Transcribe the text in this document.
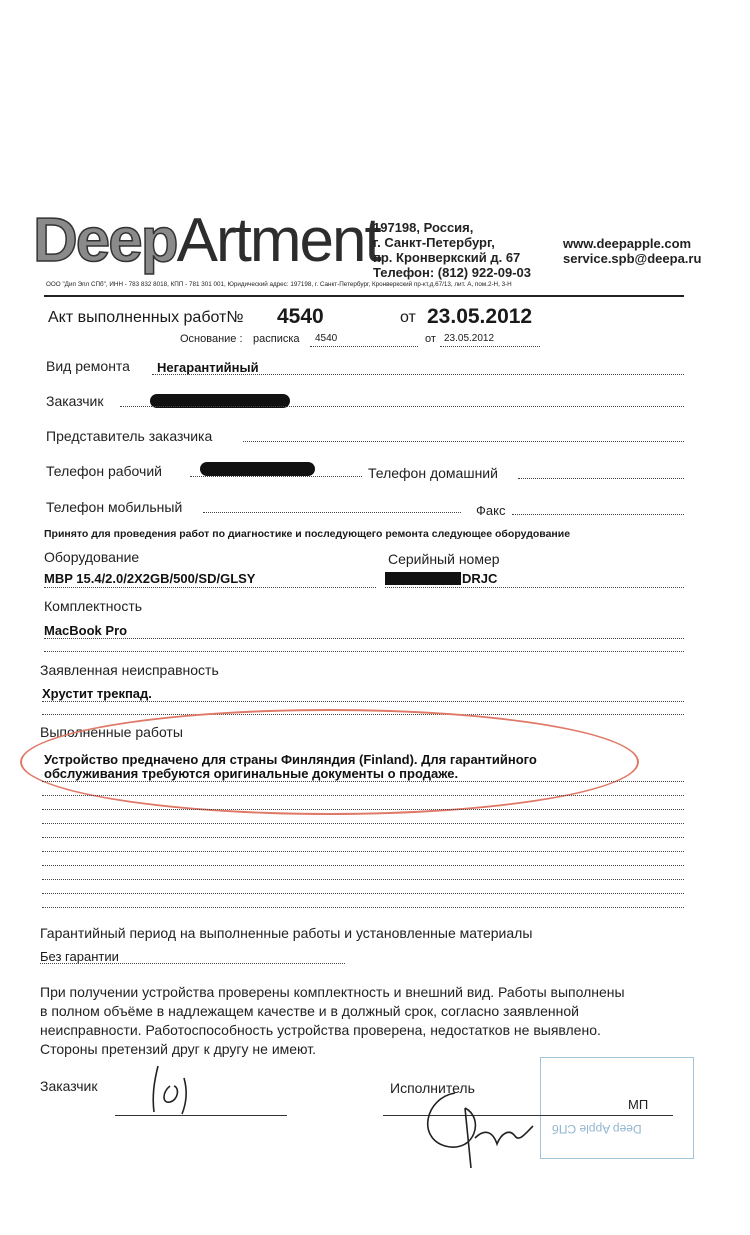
DeepArtment
197198, Россия,
г. Санкт-Петербург,
пр. Кронверкский д. 67
Телефон: (812) 922-09-03
www.deepapple.com
service.spb@deepa.ru
ООО "Дип Эпл СПб", ИНН - 783 832 8018, КПП - 781 301 001, Юридический адрес: 197198, г. Санкт-Петербург, Кронверкский пр-кт,д.67/13, лит. А, пом.2-Н, 3-Н
Акт выполненных работ№ 4540	от 23.05.2012
Основание : расписка 4540	от 23.05.2012
Вид ремонта Негарантийный
Заказчик
Представитель заказчика
Телефон рабочий	Телефон домашний
Телефон мобильный	Факс
Принято для проведения работ по диагностике и последующего ремонта следующее оборудование
Оборудование
MBP 15.4/2.0/2X2GB/500/SD/GLSY
Серийный номер
DRJC
Комплектность
MacBook Pro
Заявленная неисправность
Хрустит трекпад.
Выполненные работы
Устройство предначено для страны Финляндия (Finland). Для гарантийного
обслуживания требуются оригинальные документы о продаже.
Гарантийный период на выполненные работы и установленные материалы
Без гарантии
При получении устройства проверены комплектность и внешний вид. Работы выполнены
в полном объёме в надлежащем качестве и в должный срок, согласно заявленной
неисправности. Работоспособность устройства проверена, недостатков не выявлено.
Стороны претензий друг к другу не имеют.
Заказчик
Deep Apple СПб
Исполнитель
МП
